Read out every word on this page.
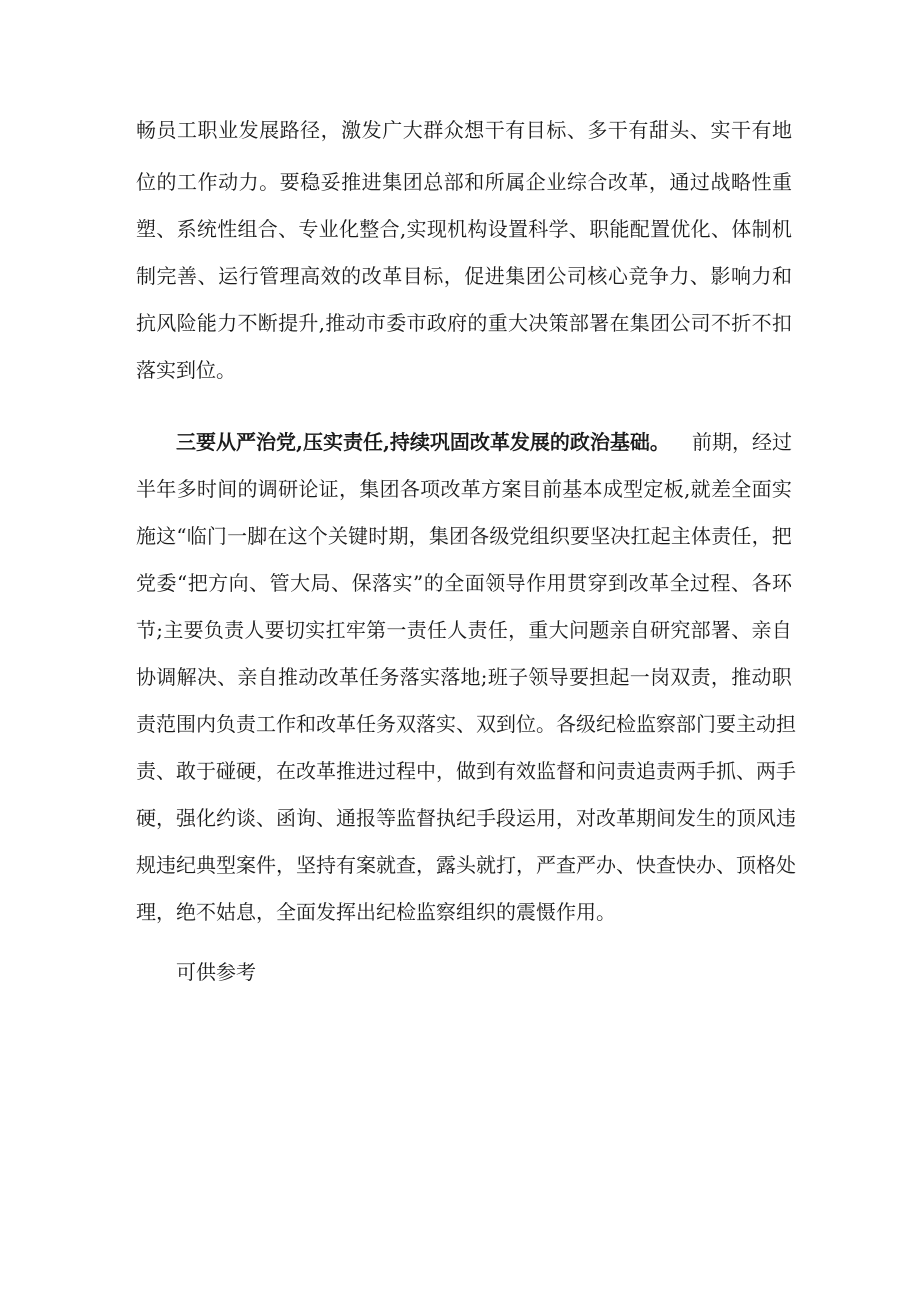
畅 员 工 职 业 发 展 路 径 ， 激 发 广 大 群 众 想 干 有 目 标 、 多 干 有 甜 头 、 实 干 有 地
位 的 工 作 动 力 。 要 稳 妥 推 进 集 团 总 部 和 所 属 企 业 综 合 改 革 ， 通 过 战 略 性 重
塑 、 系 统 性 组 合 、 专 业 化 整 合 , 实 现 机 构 设 置 科 学 、 职 能 配 置 优 化 、 体 制 机
制 完 善 、 运 行 管 理 高 效 的 改 革 目 标 ， 促 进 集 团 公 司 核 心 竞 争 力 、 影 响 力 和
抗 风 险 能 力 不 断 提 升 , 推 动 市 委 市 政 府 的 重 大 决 策 部 署 在 集 团 公 司 不 折 不 扣
落实到位。
三要从严治党,压实责任,持续巩固改革发展的政治基础。 前期，经过
半 年 多 时 间 的 调 研 论 证 ， 集 团 各 项 改 革 方 案 目 前 基 本 成 型 定 板 , 就 差 全 面 实
施 这 “ 临 门 一 脚 在 这 个 关 键 时 期 ， 集 团 各 级 党 组 织 要 坚 决 扛 起 主 体 责 任 ， 把
党 委 “ 把 方 向 、 管 大 局 、 保 落 实 ” 的 全 面 领 导 作 用 贯 穿 到 改 革 全 过 程 、 各 环
节 ; 主 要 负 责 人 要 切 实 扛 牢 第 一 责 任 人 责 任 ， 重 大 问 题 亲 自 研 究 部 署 、 亲 自
协 调 解 决 、 亲 自 推 动 改 革 任 务 落 实 落 地 ; 班 子 领 导 要 担 起 一 岗 双 责 ， 推 动 职
责 范 围 内 负 责 工 作 和 改 革 任 务 双 落 实 、 双 到 位 。 各 级 纪 检 监 察 部 门 要 主 动 担
责 、 敢 于 碰 硬 ， 在 改 革 推 进 过 程 中 ， 做 到 有 效 监 督 和 问 责 追 责 两 手 抓 、 两 手
硬 ， 强 化 约 谈 、 函 询 、 通 报 等 监 督 执 纪 手 段 运 用 ， 对 改 革 期 间 发 生 的 顶 风 违
规 违 纪 典 型 案 件 ， 坚 持 有 案 就 查 ， 露 头 就 打 ， 严 查 严 办 、 快 查 快 办 、 顶 格 处
理，绝不姑息，全面发挥出纪检监察组织的震慑作用。
可供参考
